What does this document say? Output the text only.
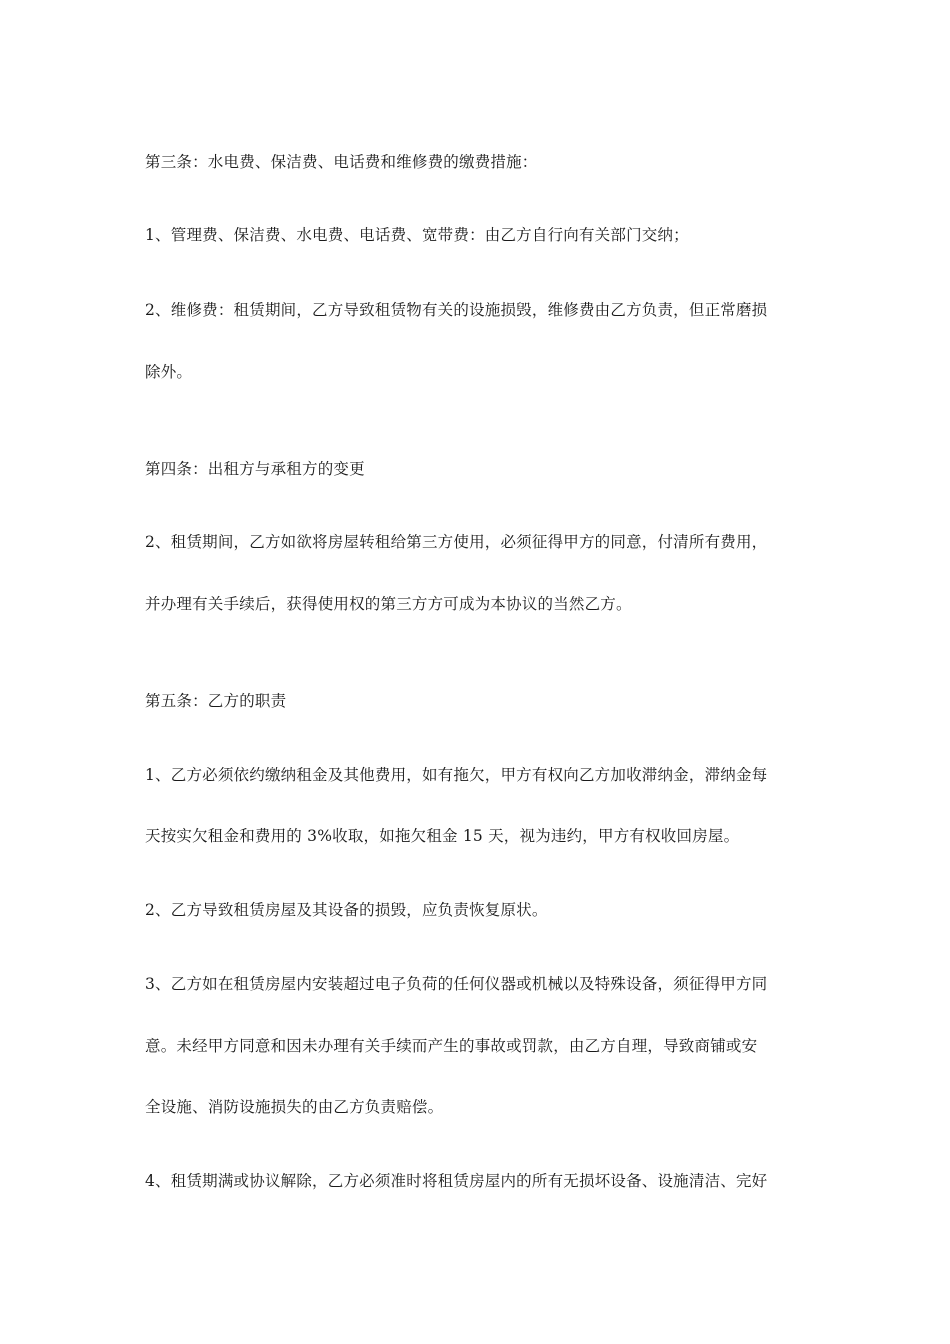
第三条：水电费、保洁费、电话费和维修费的缴费措施：
1、管理费、保洁费、水电费、电话费、宽带费：由乙方自行向有关部门交纳；
2、维修费：租赁期间，乙方导致租赁物有关的设施损毁，维修费由乙方负责，但正常磨损
除外。
第四条：出租方与承租方的变更
2、租赁期间，乙方如欲将房屋转租给第三方使用，必须征得甲方的同意，付清所有费用，
并办理有关手续后，获得使用权的第三方方可成为本协议的当然乙方。
第五条：乙方的职责
1、乙方必须依约缴纳租金及其他费用，如有拖欠，甲方有权向乙方加收滞纳金，滞纳金每
天按实欠租金和费用的 3%收取，如拖欠租金 15 天，视为违约，甲方有权收回房屋。
2、乙方导致租赁房屋及其设备的损毁，应负责恢复原状。
3、乙方如在租赁房屋内安装超过电子负荷的任何仪器或机械以及特殊设备，须征得甲方同
意。未经甲方同意和因未办理有关手续而产生的事故或罚款，由乙方自理，导致商铺或安
全设施、消防设施损失的由乙方负责赔偿。
4、租赁期满或协议解除，乙方必须准时将租赁房屋内的所有无损坏设备、设施清洁、完好
